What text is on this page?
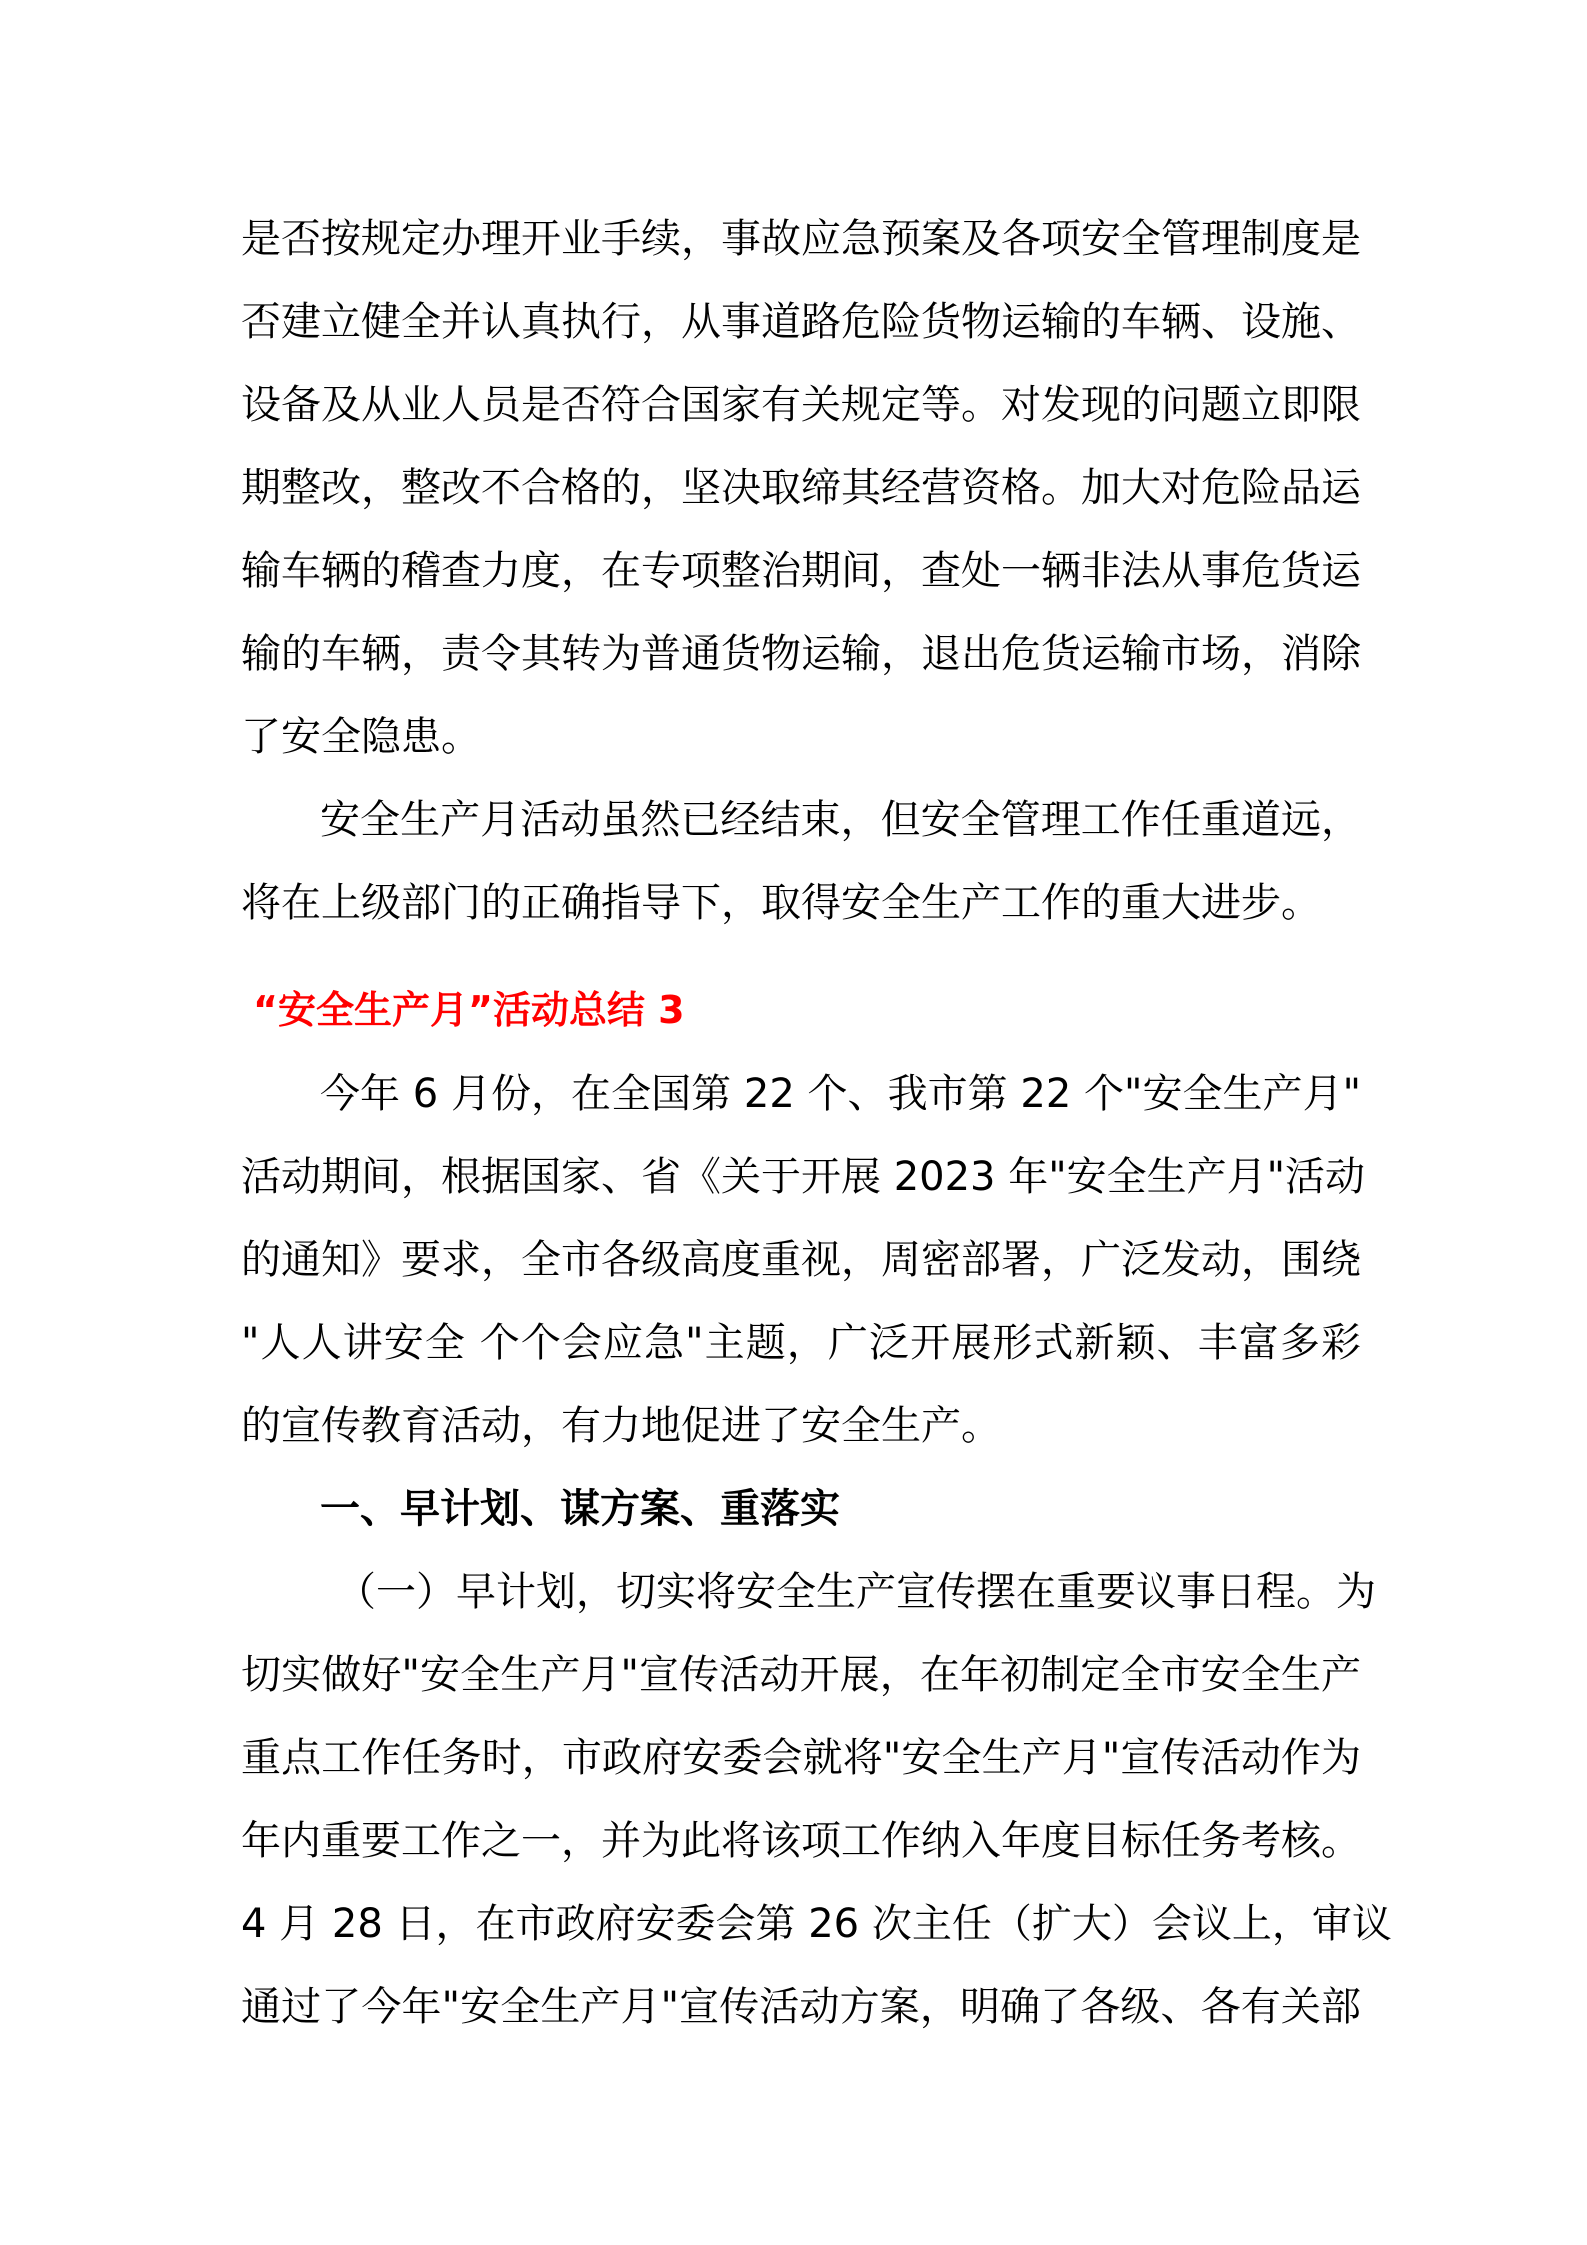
是否按规定办理开业手续，事故应急预案及各项安全管理制度是
否建立健全并认真执行，从事道路危险货物运输的车辆、设施、
设备及从业人员是否符合国家有关规定等。对发现的问题立即限
期整改，整改不合格的，坚决取缔其经营资格。加大对危险品运
输车辆的稽查力度，在专项整治期间，查处一辆非法从事危货运
输的车辆，责令其转为普通货物运输，退出危货运输市场，消除
了安全隐患。
安全生产月活动虽然已经结束，但安全管理工作任重道远，
将在上级部门的正确指导下，取得安全生产工作的重大进步。
“安全生产月”活动总结 3
今年 6 月份，在全国第 22 个、我市第 22 个"安全生产月"
活动期间，根据国家、省《关于开展 2023 年"安全生产月"活动
的通知》要求，全市各级高度重视，周密部署，广泛发动，围绕
"人人讲安全 个个会应急"主题，广泛开展形式新颖、丰富多彩
的宣传教育活动，有力地促进了安全生产。
一、早计划、谋方案、重落实
（一）早计划，切实将安全生产宣传摆在重要议事日程。为
切实做好"安全生产月"宣传活动开展，在年初制定全市安全生产
重点工作任务时，市政府安委会就将"安全生产月"宣传活动作为
年内重要工作之一，并为此将该项工作纳入年度目标任务考核。
4 月 28 日，在市政府安委会第 26 次主任（扩大）会议上，审议
通过了今年"安全生产月"宣传活动方案，明确了各级、各有关部
